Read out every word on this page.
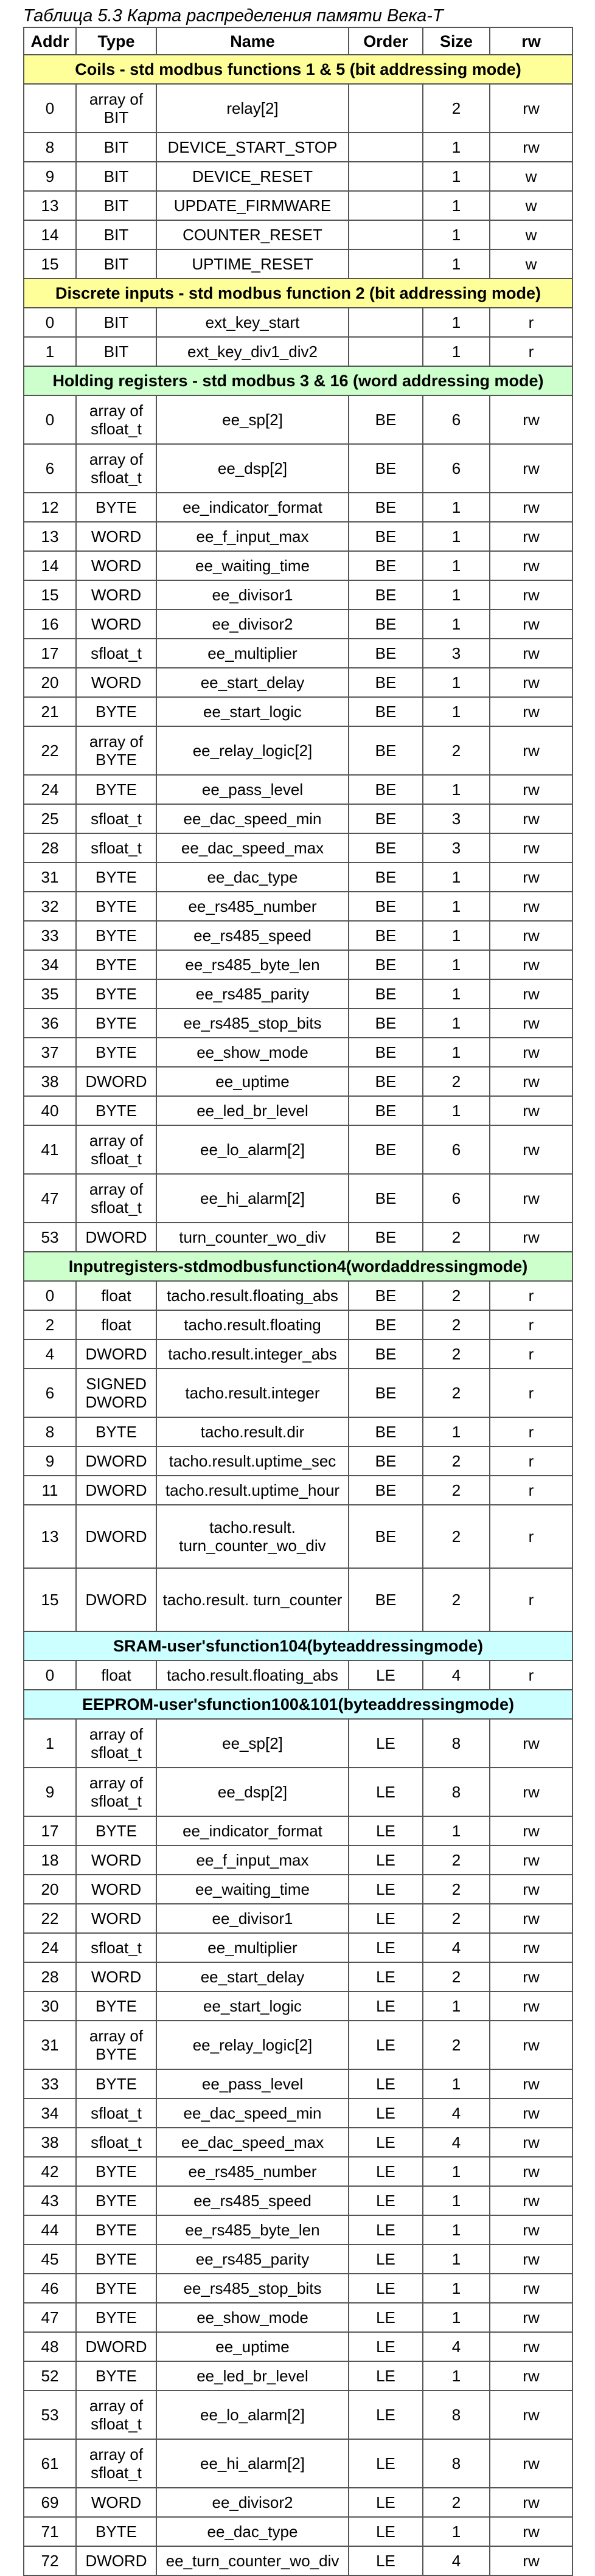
Таблица 5.3 Карта распределения памяти Векa-T
Addr	Type	Name	Order	Size	rw
Coils - std modbus functions 1 & 5 (bit addressing mode)					
0	array of BIT	relay[2]		2	rw
8	BIT	DEVICE_START_STOP		1	rw
9	BIT	DEVICE_RESET		1	w
13	BIT	UPDATE_FIRMWARE		1	w
14	BIT	COUNTER_RESET		1	w
15	BIT	UPTIME_RESET		1	w
Discrete inputs - std modbus function 2 (bit addressing mode)					
0	BIT	ext_key_start		1	r
1	BIT	ext_key_div1_div2		1	r
Holding registers - std modbus 3 & 16 (word addressing mode)					
0	array of sfloat_t	ee_sp[2]	BE	6	rw
6	array of sfloat_t	ee_dsp[2]	BE	6	rw
12	BYTE	ee_indicator_format	BE	1	rw
13	WORD	ee_f_input_max	BE	1	rw
14	WORD	ee_waiting_time	BE	1	rw
15	WORD	ee_divisor1	BE	1	rw
16	WORD	ee_divisor2	BE	1	rw
17	sfloat_t	ee_multiplier	BE	3	rw
20	WORD	ee_start_delay	BE	1	rw
21	BYTE	ee_start_logic	BE	1	rw
22	array of BYTE	ee_relay_logic[2]	BE	2	rw
24	BYTE	ee_pass_level	BE	1	rw
25	sfloat_t	ee_dac_speed_min	BE	3	rw
28	sfloat_t	ee_dac_speed_max	BE	3	rw
31	BYTE	ee_dac_type	BE	1	rw
32	BYTE	ee_rs485_number	BE	1	rw
33	BYTE	ee_rs485_speed	BE	1	rw
34	BYTE	ee_rs485_byte_len	BE	1	rw
35	BYTE	ee_rs485_parity	BE	1	rw
36	BYTE	ee_rs485_stop_bits	BE	1	rw
37	BYTE	ee_show_mode	BE	1	rw
38	DWORD	ee_uptime	BE	2	rw
40	BYTE	ee_led_br_level	BE	1	rw
41	array of sfloat_t	ee_lo_alarm[2]	BE	6	rw
47	array of sfloat_t	ee_hi_alarm[2]	BE	6	rw
53	DWORD	turn_counter_wo_div	BE	2	rw
Inputregisters-stdmodbusfunction4(wordaddressingmode)					
0	float	tacho.result.floating_abs	BE	2	r
2	float	tacho.result.floating	BE	2	r
4	DWORD	tacho.result.integer_abs	BE	2	r
6	SIGNED DWORD	tacho.result.integer	BE	2	r
8	BYTE	tacho.result.dir	BE	1	r
9	DWORD	tacho.result.uptime_sec	BE	2	r
11	DWORD	tacho.result.uptime_hour	BE	2	r
13	DWORD	tacho.result. turn_counter_wo_div	BE	2	r
15	DWORD	tacho.result. turn_counter	BE	2	r
SRAM-user'sfunction104(byteaddressingmode)					
0	float	tacho.result.floating_abs	LE	4	r
EEPROM-user'sfunction100&101(byteaddressingmode)					
1	array of sfloat_t	ee_sp[2]	LE	8	rw
9	array of sfloat_t	ee_dsp[2]	LE	8	rw
17	BYTE	ee_indicator_format	LE	1	rw
18	WORD	ee_f_input_max	LE	2	rw
20	WORD	ee_waiting_time	LE	2	rw
22	WORD	ee_divisor1	LE	2	rw
24	sfloat_t	ee_multiplier	LE	4	rw
28	WORD	ee_start_delay	LE	2	rw
30	BYTE	ee_start_logic	LE	1	rw
31	array of BYTE	ee_relay_logic[2]	LE	2	rw
33	BYTE	ee_pass_level	LE	1	rw
34	sfloat_t	ee_dac_speed_min	LE	4	rw
38	sfloat_t	ee_dac_speed_max	LE	4	rw
42	BYTE	ee_rs485_number	LE	1	rw
43	BYTE	ee_rs485_speed	LE	1	rw
44	BYTE	ee_rs485_byte_len	LE	1	rw
45	BYTE	ee_rs485_parity	LE	1	rw
46	BYTE	ee_rs485_stop_bits	LE	1	rw
47	BYTE	ee_show_mode	LE	1	rw
48	DWORD	ee_uptime	LE	4	rw
52	BYTE	ee_led_br_level	LE	1	rw
53	array of sfloat_t	ee_lo_alarm[2]	LE	8	rw
61	array of sfloat_t	ee_hi_alarm[2]	LE	8	rw
69	WORD	ee_divisor2	LE	2	rw
71	BYTE	ee_dac_type	LE	1	rw
72	DWORD	ee_turn_counter_wo_div	LE	4	rw
